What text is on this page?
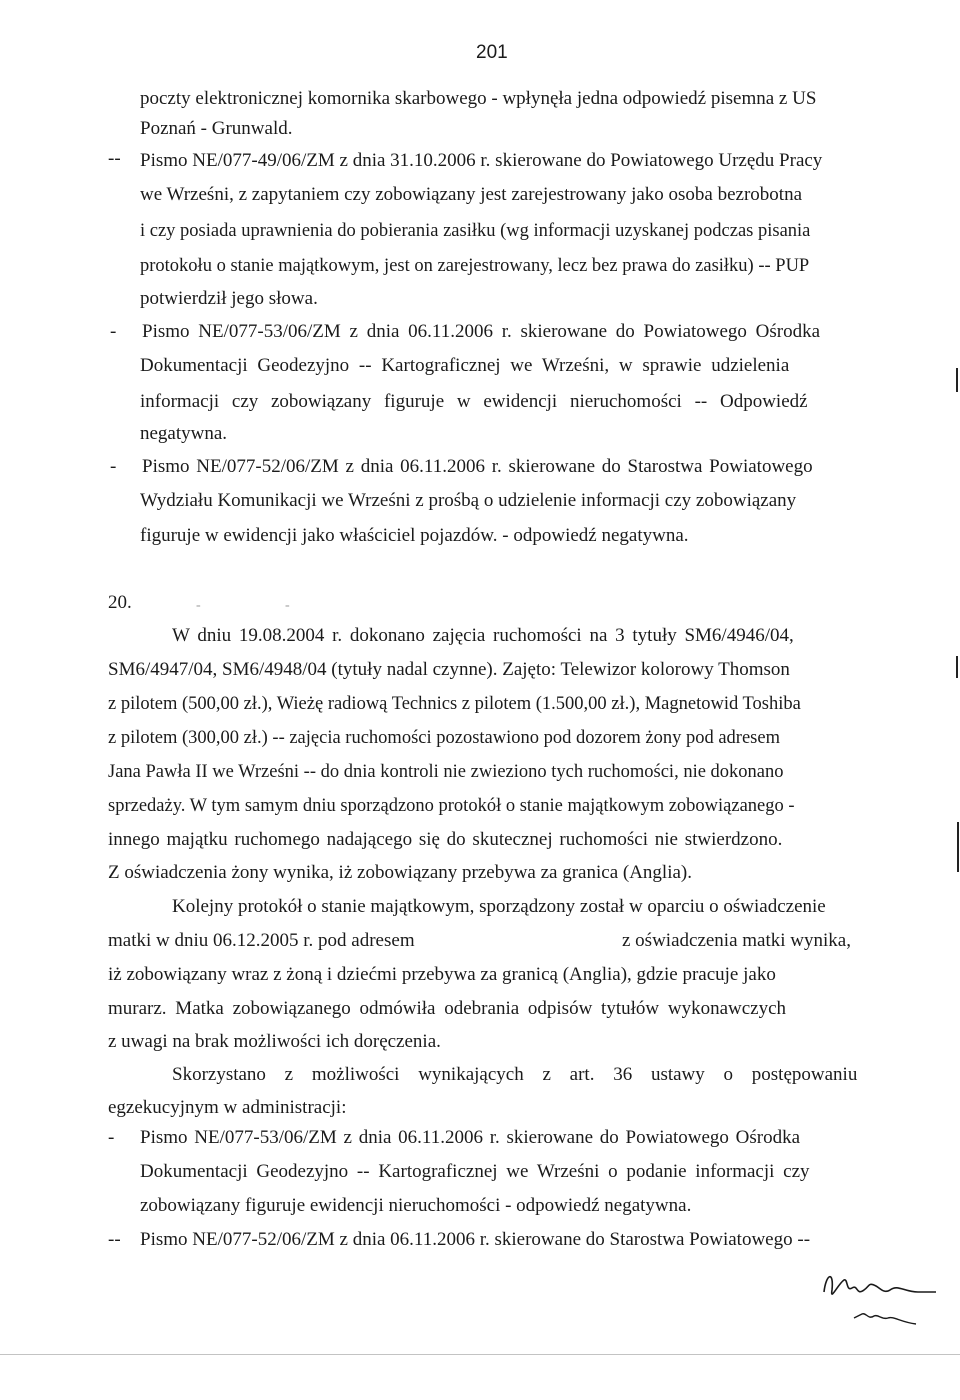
201
--
-
-
-
--
poczty elektronicznej komornika skarbowego - wpłynęła jedna odpowiedź pisemna z US
Poznań - Grunwald.
Pismo NE/077-49/06/ZM z dnia 31.10.2006 r. skierowane do Powiatowego Urzędu Pracy
we Wrześni, z zapytaniem czy zobowiązany jest zarejestrowany jako osoba bezrobotna
i czy posiada uprawnienia do pobierania zasiłku (wg informacji uzyskanej podczas pisania
protokołu o stanie majątkowym, jest on zarejestrowany, lecz bez prawa do zasiłku) -- PUP
potwierdził jego słowa.
Pismo NE/077-53/06/ZM z dnia 06.11.2006 r. skierowane do Powiatowego Ośrodka
Dokumentacji Geodezyjno -- Kartograficznej we Wrześni, w sprawie udzielenia
informacji czy zobowiązany figuruje w ewidencji nieruchomości -- Odpowiedź
negatywna.
Pismo NE/077-52/06/ZM z dnia 06.11.2006 r. skierowane do Starostwa Powiatowego
Wydziału Komunikacji we Wrześni z prośbą o udzielenie informacji czy zobowiązany
figuruje w ewidencji jako właściciel pojazdów. - odpowiedź negatywna.
20.
W dniu 19.08.2004 r. dokonano zajęcia ruchomości na 3 tytuły SM6/4946/04,
SM6/4947/04, SM6/4948/04 (tytuły nadal czynne). Zajęto: Telewizor kolorowy Thomson
z pilotem (500,00 zł.), Wieżę radiową Technics z pilotem (1.500,00 zł.), Magnetowid Toshiba
z pilotem (300,00 zł.) -- zajęcia ruchomości pozostawiono pod dozorem żony pod adresem
Jana Pawła II we Wrześni -- do dnia kontroli nie zwieziono tych ruchomości, nie dokonano
sprzedaży. W tym samym dniu sporządzono protokół o stanie majątkowym zobowiązanego -
innego majątku ruchomego nadającego się do skutecznej ruchomości nie stwierdzono.
Z oświadczenia żony wynika, iż zobowiązany przebywa za granica (Anglia).
Kolejny protokół o stanie majątkowym, sporządzony został w oparciu o oświadczenie
matki w dniu 06.12.2005 r. pod adresem	z oświadczenia matki wynika,
iż zobowiązany wraz z żoną i dziećmi przebywa za granicą (Anglia), gdzie pracuje jako
murarz. Matka zobowiązanego odmówiła odebrania odpisów tytułów wykonawczych
z uwagi na brak możliwości ich doręczenia.
Skorzystano z możliwości wynikających z art. 36 ustawy o postępowaniu
egzekucyjnym w administracji:
Pismo NE/077-53/06/ZM z dnia 06.11.2006 r. skierowane do Powiatowego Ośrodka
Dokumentacji Geodezyjno -- Kartograficznej we Wrześni o podanie informacji czy
zobowiązany figuruje ewidencji nieruchomości - odpowiedź negatywna.
Pismo NE/077-52/06/ZM z dnia 06.11.2006 r. skierowane do Starostwa Powiatowego --
-	-
